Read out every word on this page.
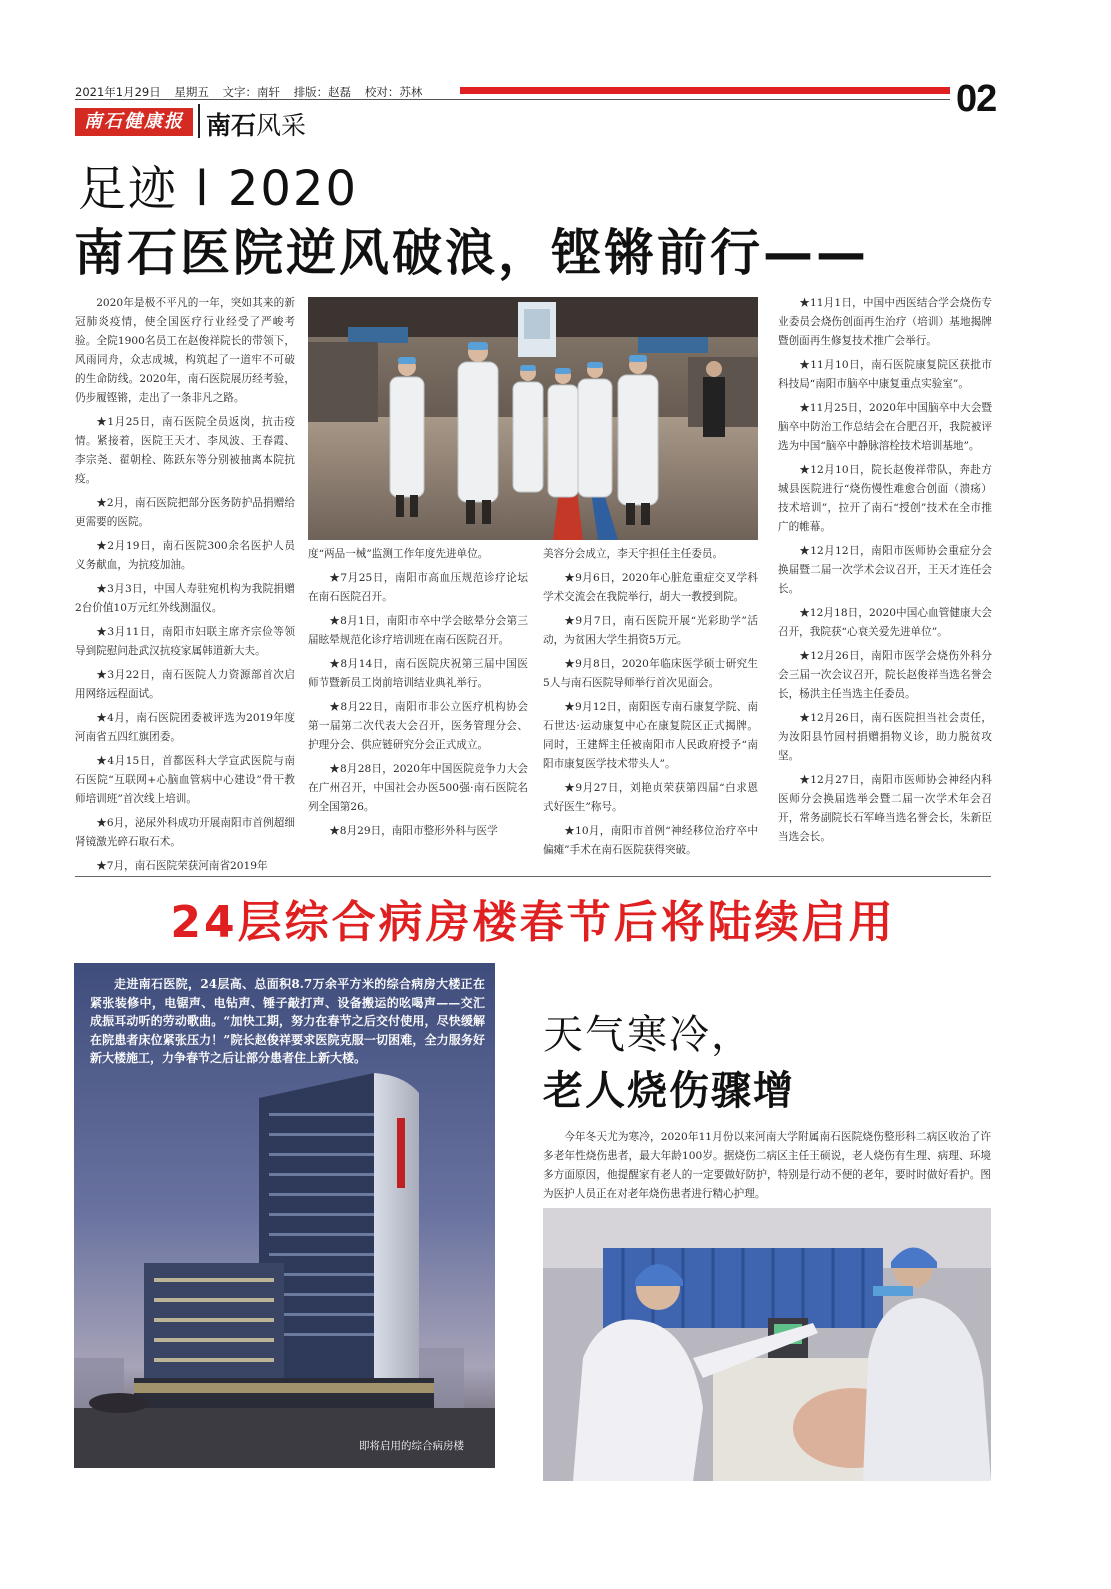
2021年1月29日 星期五 文字：南轩 排版：赵磊 校对：苏林	02
南石健康报 南石风采
足迹 l 2020
南石医院逆风破浪，铿锵前行——

2020年是极不平凡的一年，突如其来的新冠肺炎疫情，使全国医疗行业经受了严峻考验。全院1900名员工在赵俊祥院长的带领下，风雨同舟，众志成城，构筑起了一道牢不可破的生命防线。2020年，南石医院展历经考验，仍步履铿锵，走出了一条非凡之路。

★1月25日，南石医院全员返岗，抗击疫情。紧接着，医院王天才、李凤波、王春霞、李宗尧、翟朝栓、陈跃东等分别被抽离本院抗疫。

★2月，南石医院把部分医务防护品捐赠给更需要的医院。

★2月19日，南石医院300余名医护人员义务献血，为抗疫加油。

★3月3日，中国人寿驻宛机构为我院捐赠2台价值10万元红外线测温仪。

★3月11日，南阳市妇联主席齐宗俭等领导到院慰问赴武汉抗疫家属韩道新大夫。

★3月22日，南石医院人力资源部首次启用网络远程面试。

★4月，南石医院团委被评选为2019年度河南省五四红旗团委。

★4月15日，首都医科大学宣武医院与南石医院“互联网+心脑血管病中心建设”骨干教师培训班”首次线上培训。

★6月，泌尿外科成功开展南阳市首例超细肾镜激光碎石取石术。

★7月，南石医院荣获河南省2019年

度“两品一械”监测工作年度先进单位。

★7月25日，南阳市高血压规范诊疗论坛在南石医院召开。

★8月1日，南阳市卒中学会眩晕分会第三届眩晕规范化诊疗培训班在南石医院召开。

★8月14日，南石医院庆祝第三届中国医师节暨新员工岗前培训结业典礼举行。

★8月22日，南阳市非公立医疗机构协会第一届第二次代表大会召开，医务管理分会、护理分会、供应链研究分会正式成立。

★8月28日，2020年中国医院竞争力大会在广州召开，中国社会办医500强·南石医院名列全国第26。

★8月29日，南阳市整形外科与医学

美容分会成立，李天宇担任主任委员。

★9月6日，2020年心脏危重症交叉学科学术交流会在我院举行，胡大一教授到院。

★9月7日，南石医院开展“光彩助学”活动，为贫困大学生捐资5万元。

★9月8日，2020年临床医学硕士研究生5人与南石医院导师举行首次见面会。

★9月12日，南阳医专南石康复学院、南石世达·运动康复中心在康复院区正式揭牌。同时，王建辉主任被南阳市人民政府授予“南阳市康复医学技术带头人”。

★9月27日，刘艳贞荣获第四届“白求恩式好医生”称号。

★10月，南阳市首例“神经移位治疗卒中偏瘫”手术在南石医院获得突破。

★11月1日，中国中西医结合学会烧伤专业委员会烧伤创面再生治疗（培训）基地揭牌暨创面再生修复技术推广会举行。

★11月10日，南石医院康复院区获批市科技局“南阳市脑卒中康复重点实验室”。

★11月25日，2020年中国脑卒中大会暨脑卒中防治工作总结会在合肥召开，我院被评选为中国“脑卒中静脉溶栓技术培训基地”。

★12月10日，院长赵俊祥带队，奔赴方城县医院进行“烧伤慢性难愈合创面（溃疡）技术培训”，拉开了南石“授创”技术在全市推广的帷幕。

★12月12日，南阳市医师协会重症分会换届暨二届一次学术会议召开，王天才连任会长。

★12月18日，2020中国心血管健康大会召开，我院获“心衰关爱先进单位”。

★12月26日，南阳市医学会烧伤外科分会三届一次会议召开，院长赵俊祥当选名誉会长，杨洪主任当选主任委员。

★12月26日，南石医院担当社会责任，为汝阳县竹园村捐赠捐物义诊，助力脱贫攻坚。

★12月27日，南阳市医师协会神经内科医师分会换届选举会暨二届一次学术年会召开，常务副院长石军峰当选名誉会长，朱新臣当选会长。

24层综合病房楼春节后将陆续启用
走进南石医院，24层高、总面积8.7万余平方米的综合病房大楼正在紧张装修中，电锯声、电钻声、锤子敲打声、设备搬运的吆喝声——交汇成振耳动听的劳动歌曲。“加快工期，努力在春节之后交付使用，尽快缓解在院患者床位紧张压力！”院长赵俊祥要求医院克服一切困难，全力服务好新大楼施工，力争春节之后让部分患者住上新大楼。
即将启用的综合病房楼
天气寒冷，
老人烧伤骤增
今年冬天尤为寒冷，2020年11月份以来河南大学附属南石医院烧伤整形科二病区收治了许多老年性烧伤患者，最大年龄100岁。据烧伤二病区主任王硕说，老人烧伤有生理、病理、环境多方面原因，他提醒家有老人的一定要做好防护，特别是行动不便的老年，要时时做好看护。图为医护人员正在对老年烧伤患者进行精心护理。
